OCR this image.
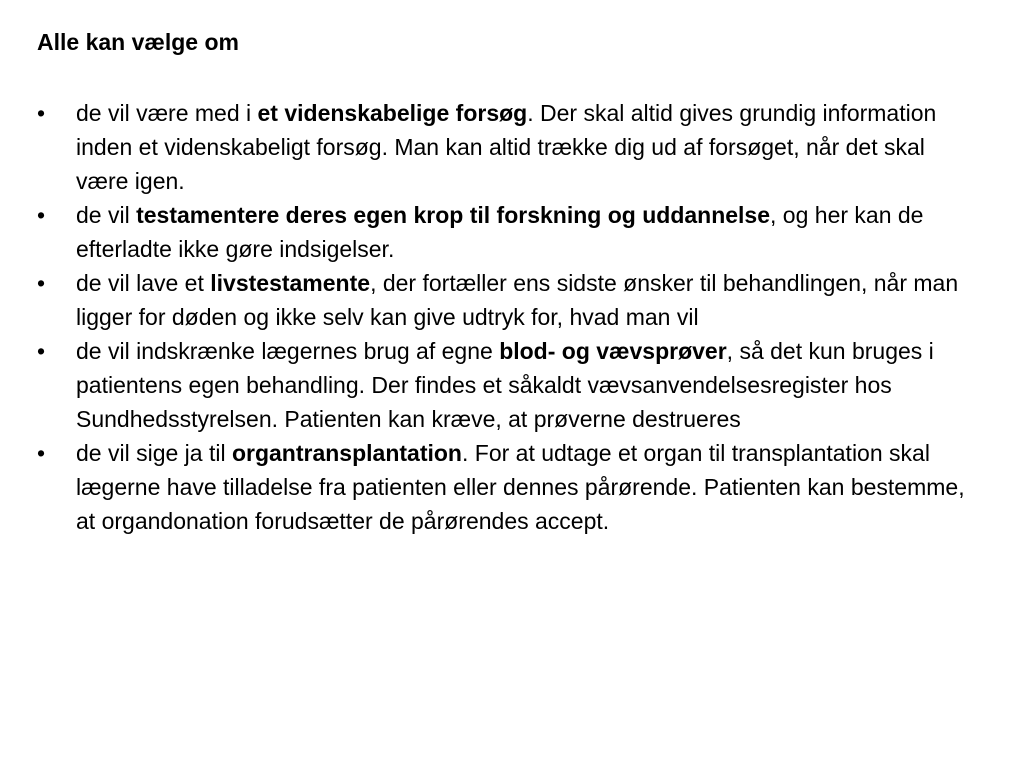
Alle kan vælge om
• de vil være med i et videnskabelige forsøg. Der skal altid gives grundig information inden et videnskabeligt forsøg. Man kan altid trække dig ud af forsøget, når det skal være igen.
• de vil testamentere deres egen krop til forskning og uddannelse, og her kan de efterladte ikke gøre indsigelser.
• de vil lave et livstestamente, der fortæller ens sidste ønsker til behandlingen, når man ligger for døden og ikke selv kan give udtryk for, hvad man vil
• de vil indskrænke lægernes brug af egne blod- og vævsprøver, så det kun bruges i patientens egen behandling. Der findes et såkaldt vævsanvendelsesregister hos Sundhedsstyrelsen. Patienten kan kræve, at prøverne destrueres
• de vil sige ja til organtransplantation. For at udtage et organ til transplantation skal lægerne have tilladelse fra patienten eller dennes pårørende. Patienten kan bestemme, at organdonation forudsætter de pårørendes accept.
